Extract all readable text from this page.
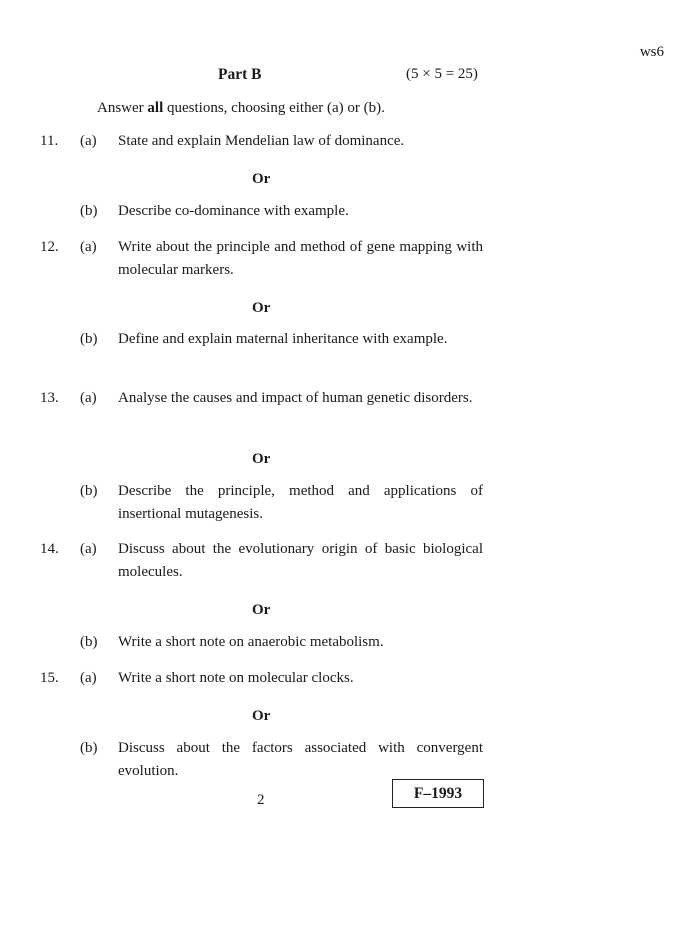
ws6
Part B	(5 × 5 = 25)
Answer all questions, choosing either (a) or (b).
11. (a) State and explain Mendelian law of dominance.
Or
(b) Describe co-dominance with example.
12. (a) Write about the principle and method of gene mapping with molecular markers.
Or
(b) Define and explain maternal inheritance with example.
13. (a) Analyse the causes and impact of human genetic disorders.
Or
(b) Describe the principle, method and applications of insertional mutagenesis.
14. (a) Discuss about the evolutionary origin of basic biological molecules.
Or
(b) Write a short note on anaerobic metabolism.
15. (a) Write a short note on molecular clocks.
Or
(b) Discuss about the factors associated with convergent evolution.
2	F–1993
